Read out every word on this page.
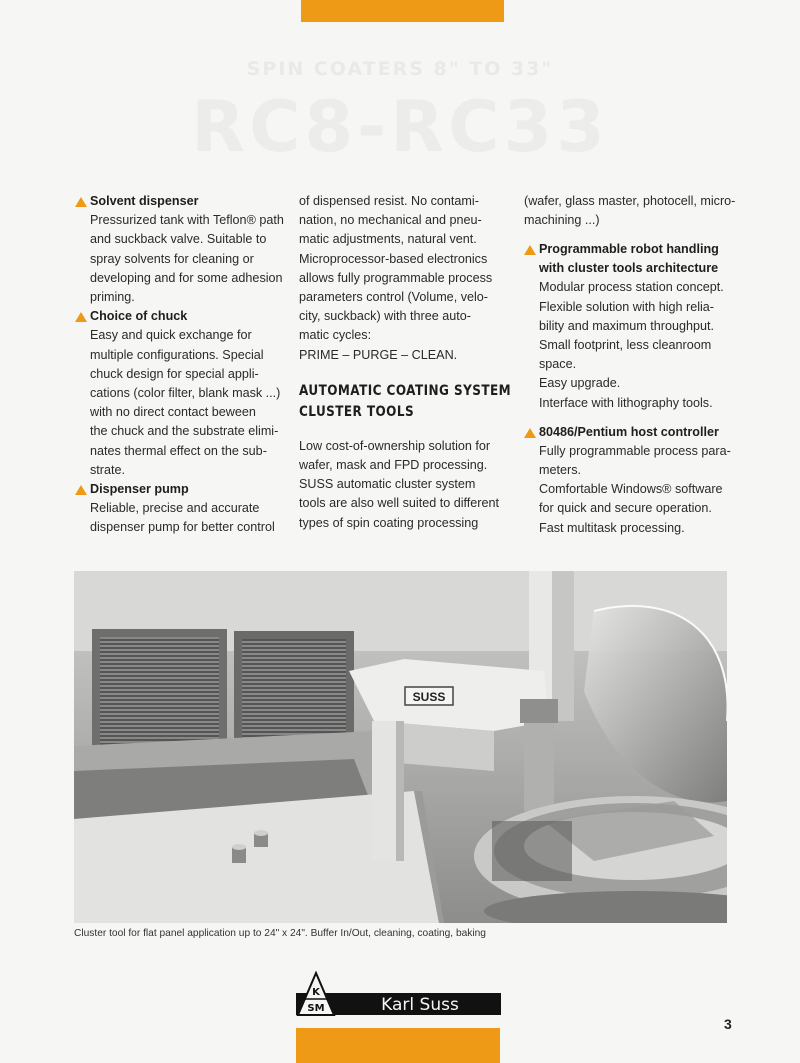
SPIN COATERS 8" TO 33"
RC8-RC33
Solvent dispenser
Pressurized tank with Teflon® path
and suckback valve. Suitable to
spray solvents for cleaning or
developing and for some adhesion
priming.
Choice of chuck
Easy and quick exchange for
multiple configurations. Special
chuck design for special appli-
cations (color filter, blank mask ...)
with no direct contact beween
the chuck and the substrate elimi-
nates thermal effect on the sub-
strate.
Dispenser pump
Reliable, precise and accurate
dispenser pump for better control
of dispensed resist. No contami-
nation, no mechanical and pneu-
matic adjustments, natural vent.
Microprocessor-based electronics
allows fully programmable process
parameters control (Volume, velo-
city, suckback) with three auto-
matic cycles:
PRIME – PURGE – CLEAN.
AUTOMATIC COATING SYSTEM
CLUSTER TOOLS
Low cost-of-ownership solution for
wafer, mask and FPD processing.
SUSS automatic cluster system
tools are also well suited to different
types of spin coating processing
(wafer, glass master, photocell, micro-
machining ...)
Programmable robot handling
with cluster tools architecture
Modular process station concept.
Flexible solution with high relia-
bility and maximum throughput.
Small footprint, less cleanroom
space.
Easy upgrade.
Interface with lithography tools.
80486/Pentium host controller
Fully programmable process para-
meters.
Comfortable Windows® software
for quick and secure operation.
Fast multitask processing.
SUSS
Cluster tool for flat panel application up to 24" x 24". Buffer In/Out, cleaning, coating, baking
K
SM	Karl Suss
3
